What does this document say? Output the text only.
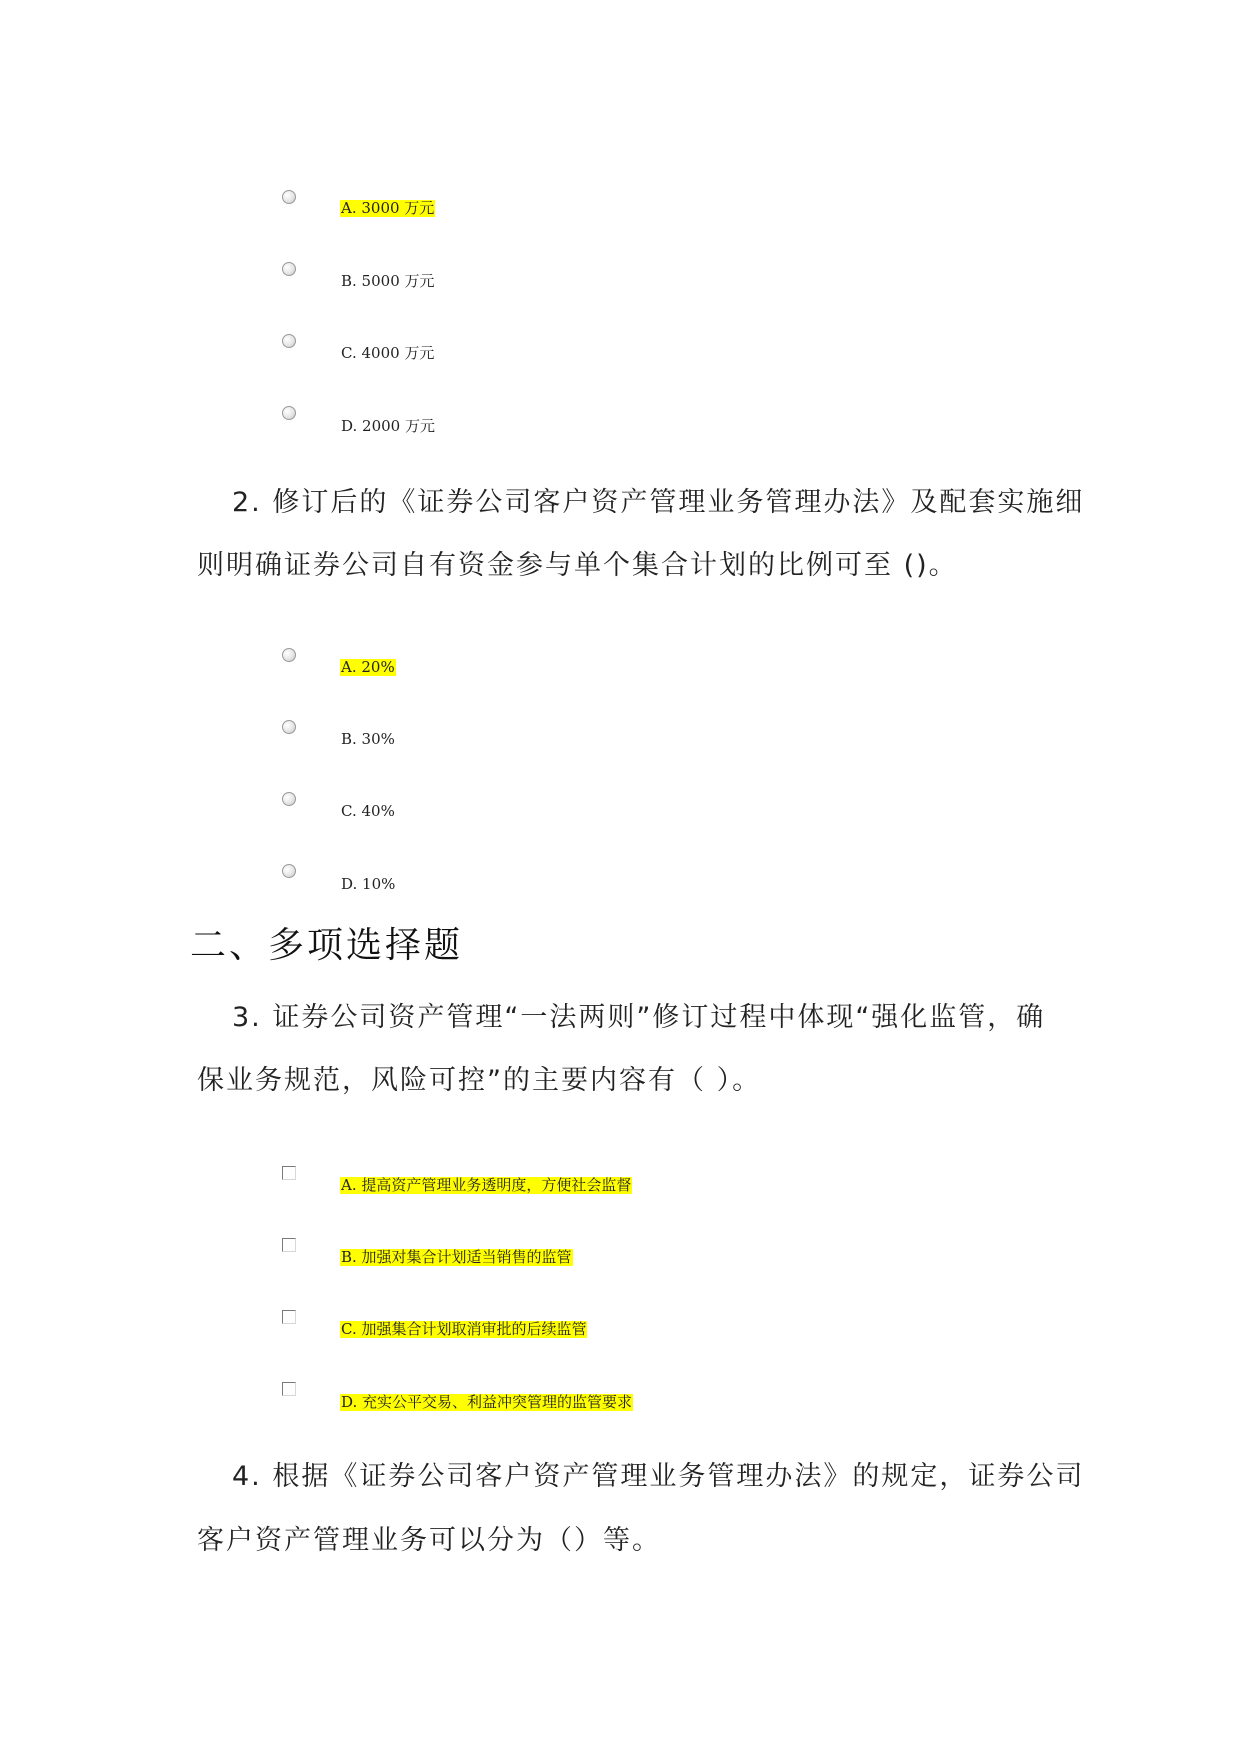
A. 3000 万元
B. 5000 万元
C. 4000 万元
D. 2000 万元
2. 修订后的《证券公司客户资产管理业务管理办法》及配套实施细
则明确证券公司自有资金参与单个集合计划的比例可至 ()。
A. 20%
B. 30%
C. 40%
D. 10%
二、多项选择题
3. 证券公司资产管理“一法两则”修订过程中体现“强化监管，确
保业务规范，风险可控”的主要内容有（ ）。
A. 提高资产管理业务透明度，方便社会监督
B. 加强对集合计划适当销售的监管
C. 加强集合计划取消审批的后续监管
D. 充实公平交易、利益冲突管理的监管要求
4. 根据《证券公司客户资产管理业务管理办法》的规定，证券公司
客户资产管理业务可以分为（）等。
